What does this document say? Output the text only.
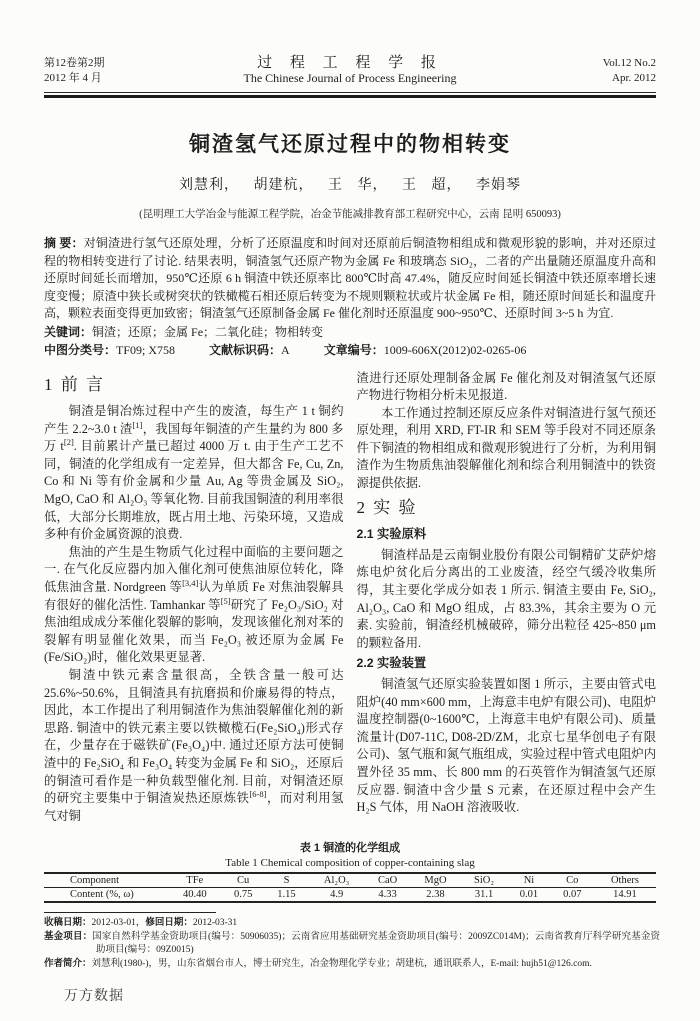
第12卷第2期
2012 年 4 月
过 程 工 程 学 报
The Chinese Journal of Process Engineering
Vol.12 No.2
Apr. 2012
铜渣氢气还原过程中的物相转变
刘慧利， 胡建杭， 王 华， 王 超， 李娟琴
(昆明理工大学冶金与能源工程学院，冶金节能减排教育部工程研究中心，云南 昆明 650093)

摘 要：对铜渣进行氢气还原处理，分析了还原温度和时间对还原前后铜渣物相组成和微观形貌的影响，并对还原过程的物相转变进行了讨论. 结果表明，铜渣氢气还原产物为金属 Fe 和玻璃态 SiO₂，二者的产出量随还原温度升高和还原时间延长而增加，950℃还原 6 h 铜渣中铁还原率比 800℃时高 47.4%，随反应时间延长铜渣中铁还原率增长速度变慢；原渣中狭长或树突状的铁橄榄石相还原后转变为不规则颗粒状或片状金属 Fe 相，随还原时间延长和温度升高，颗粒表面变得更加致密；铜渣氢气还原制备金属 Fe 催化剂时还原温度 900~950℃、还原时间 3~5 h 为宜.

关键词：铜渣；还原；金属 Fe；二氧化硅；物相转变

中图分类号：TF09; X758	文献标识码：A	文章编号：1009-606X(2012)02-0265-06

1 前 言

铜渣是铜冶炼过程中产生的废渣，每生产 1 t 铜约产生 2.2~3.0 t 渣[1]，我国每年铜渣的产生量约为 800 多万 t[2]. 目前累计产量已超过 4000 万 t. 由于生产工艺不同，铜渣的化学组成有一定差异，但大都含 Fe, Cu, Zn, Co 和 Ni 等有价金属和少量 Au, Ag 等贵金属及 SiO₂, MgO, CaO 和 Al₂O₃ 等氧化物. 目前我国铜渣的利用率很低，大部分长期堆放，既占用土地、污染环境，又造成多种有价金属资源的浪费.

焦油的产生是生物质气化过程中面临的主要问题之一. 在气化反应器内加入催化剂可使焦油原位转化，降低焦油含量. Nordgreen 等[3,4]认为单质 Fe 对焦油裂解具有很好的催化活性. Tamhankar 等[5]研究了 Fe₂O₃/SiO₂ 对焦油组成成分苯催化裂解的影响，发现该催化剂对苯的裂解有明显催化效果，而当 Fe₂O₃ 被还原为金属 Fe (Fe/SiO₂)时，催化效果更显著.

铜渣中铁元素含量很高，全铁含量一般可达 25.6%~50.6%，且铜渣具有抗磨损和价廉易得的特点，因此，本工作提出了利用铜渣作为焦油裂解催化剂的新思路. 铜渣中的铁元素主要以铁橄榄石(Fe₂SiO₄)形式存在，少量存在于磁铁矿(Fe₃O₄)中. 通过还原方法可使铜渣中的 Fe₂SiO₄ 和 Fe₃O₄ 转变为金属 Fe 和 SiO₂，还原后的铜渣可看作是一种负载型催化剂. 目前，对铜渣还原的研究主要集中于铜渣炭热还原炼铁[6-8]，而对利用氢气对铜

渣进行还原处理制备金属 Fe 催化剂及对铜渣氢气还原产物进行物相分析未见报道.

本工作通过控制还原反应条件对铜渣进行氢气预还原处理，利用 XRD, FT-IR 和 SEM 等手段对不同还原条件下铜渣的物相组成和微观形貌进行了分析，为利用铜渣作为生物质焦油裂解催化剂和综合利用铜渣中的铁资源提供依据.

2 实 验
2.1 实验原料

铜渣样品是云南铜业股份有限公司铜精矿艾萨炉熔炼电炉贫化后分离出的工业废渣，经空气缓冷收集所得，其主要化学成分如表 1 所示. 铜渣主要由 Fe, SiO₂, Al₂O₃, CaO 和 MgO 组成，占 83.3%，其余主要为 O 元素. 实验前，铜渣经机械破碎，筛分出粒径 425~850 μm 的颗粒备用.

2.2 实验装置

铜渣氢气还原实验装置如图 1 所示，主要由管式电阻炉(40 mm×600 mm，上海意丰电炉有限公司)、电阻炉温度控制器(0~1600℃，上海意丰电炉有限公司)、质量流量计(D07-11C, D08-2D/ZM，北京七星华创电子有限公司)、氢气瓶和氮气瓶组成，实验过程中管式电阻炉内置外径 35 mm、长 800 mm 的石英管作为铜渣氢气还原反应器. 铜渣中含少量 S 元素，在还原过程中会产生 H₂S 气体，用 NaOH 溶液吸收.

表 1 铜渣的化学组成
Table 1 Chemical composition of copper-containing slag
Component	TFe	Cu	S	Al₂O₃	CaO	MgO	SiO₂	Ni	Co	Others
Content (%, ω)	40.40	0.75	1.15	4.9	4.33	2.38	31.1	0.01	0.07	14.91

收稿日期：2012-03-01，修回日期：2012-03-31

基金项目：国家自然科学基金资助项目(编号：50906035)；云南省应用基础研究基金资助项目(编号：2009ZC014M)；云南省教育厅科学研究基金资助项目(编号：09Z0015)

作者简介：刘慧利(1980-)，男，山东省烟台市人，博士研究生，冶金物理化学专业；胡建杭，通讯联系人，E-mail: hujh51@126.com.

万方数据
